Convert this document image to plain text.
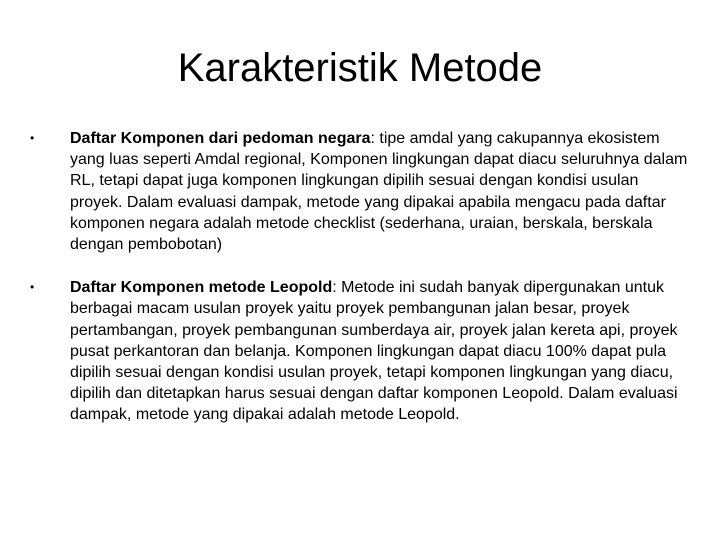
Karakteristik Metode
•	Daftar Komponen dari pedoman negara: tipe amdal yang cakupannya ekosistem yang luas seperti Amdal regional, Komponen lingkungan dapat diacu seluruhnya dalam RL, tetapi dapat juga komponen lingkungan dipilih sesuai dengan kondisi usulan proyek. Dalam evaluasi dampak, metode yang dipakai apabila mengacu pada daftar komponen negara adalah metode checklist (sederhana, uraian, berskala, berskala dengan pembobotan)
•	Daftar Komponen metode Leopold: Metode ini sudah banyak dipergunakan untuk berbagai macam usulan proyek yaitu proyek pembangunan jalan besar, proyek pertambangan, proyek pembangunan sumberdaya air, proyek jalan kereta api, proyek pusat perkantoran dan belanja. Komponen lingkungan dapat diacu 100% dapat pula dipilih sesuai dengan kondisi usulan proyek, tetapi komponen lingkungan yang diacu, dipilih dan ditetapkan harus sesuai dengan daftar komponen Leopold. Dalam evaluasi dampak, metode yang dipakai adalah metode Leopold.
